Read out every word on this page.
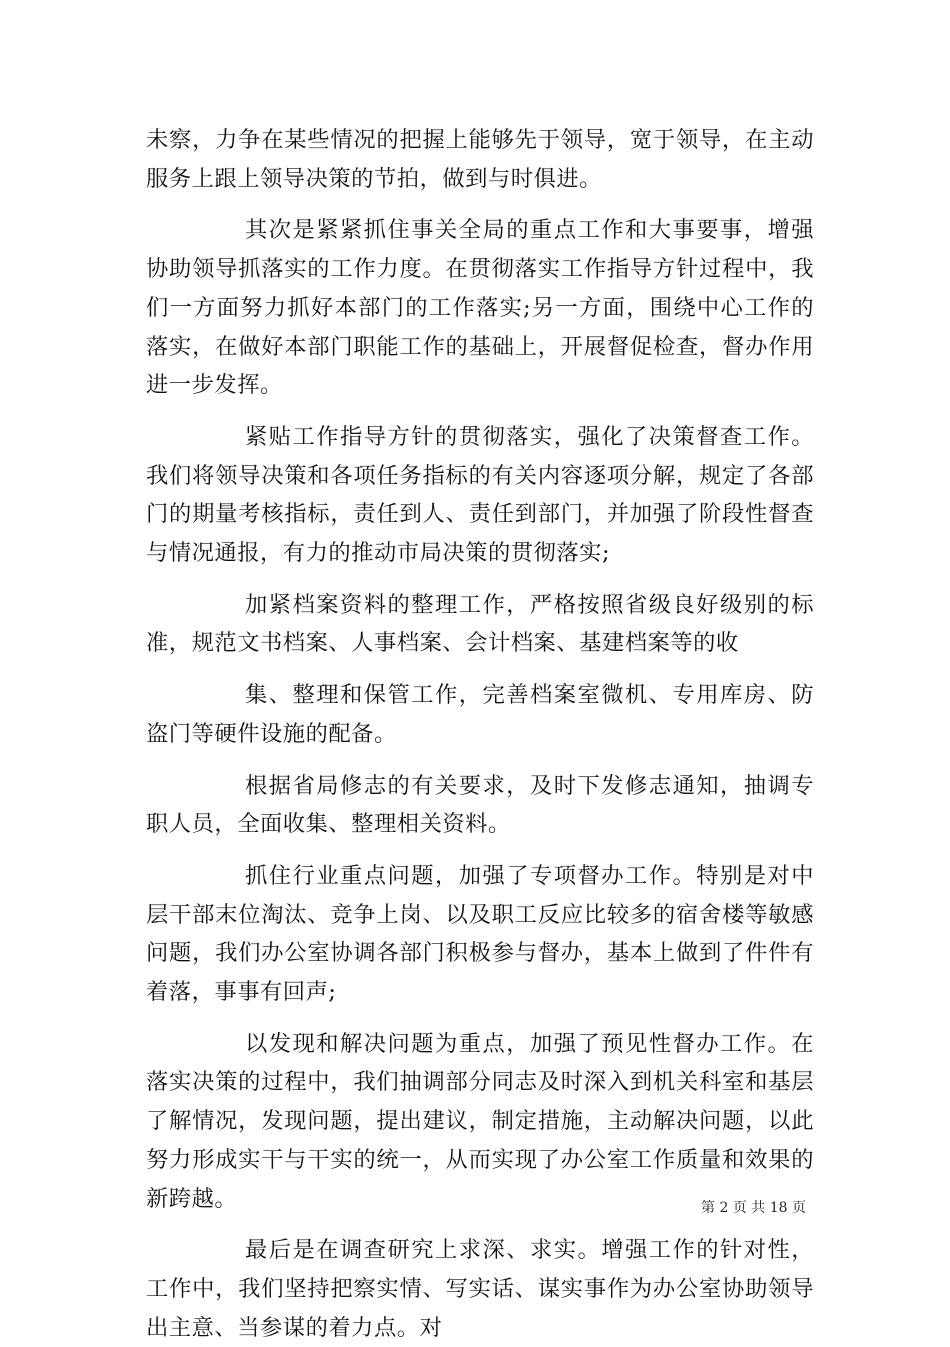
未察，力争在某些情况的把握上能够先于领导，宽于领导，在主动服务上跟上领导决策的节拍，做到与时俱进。

其次是紧紧抓住事关全局的重点工作和大事要事，增强协助领导抓落实的工作力度。在贯彻落实工作指导方针过程中，我们一方面努力抓好本部门的工作落实;另一方面，围绕中心工作的落实，在做好本部门职能工作的基础上，开展督促检查，督办作用进一步发挥。

紧贴工作指导方针的贯彻落实，强化了决策督查工作。我们将领导决策和各项任务指标的有关内容逐项分解，规定了各部门的期量考核指标，责任到人、责任到部门，并加强了阶段性督查与情况通报，有力的推动市局决策的贯彻落实;

加紧档案资料的整理工作，严格按照省级良好级别的标准，规范文书档案、人事档案、会计档案、基建档案等的收

集、整理和保管工作，完善档案室微机、专用库房、防盗门等硬件设施的配备。

根据省局修志的有关要求，及时下发修志通知，抽调专职人员，全面收集、整理相关资料。

抓住行业重点问题，加强了专项督办工作。特别是对中层干部末位淘汰、竞争上岗、以及职工反应比较多的宿舍楼等敏感问题，我们办公室协调各部门积极参与督办，基本上做到了件件有着落，事事有回声;

以发现和解决问题为重点，加强了预见性督办工作。在落实决策的过程中，我们抽调部分同志及时深入到机关科室和基层了解情况，发现问题，提出建议，制定措施，主动解决问题，以此努力形成实干与干实的统一，从而实现了办公室工作质量和效果的新跨越。

最后是在调查研究上求深、求实。增强工作的针对性，工作中，我们坚持把察实情、写实话、谋实事作为办公室协助领导出主意、当参谋的着力点。对

第 2 页 共 18 页
